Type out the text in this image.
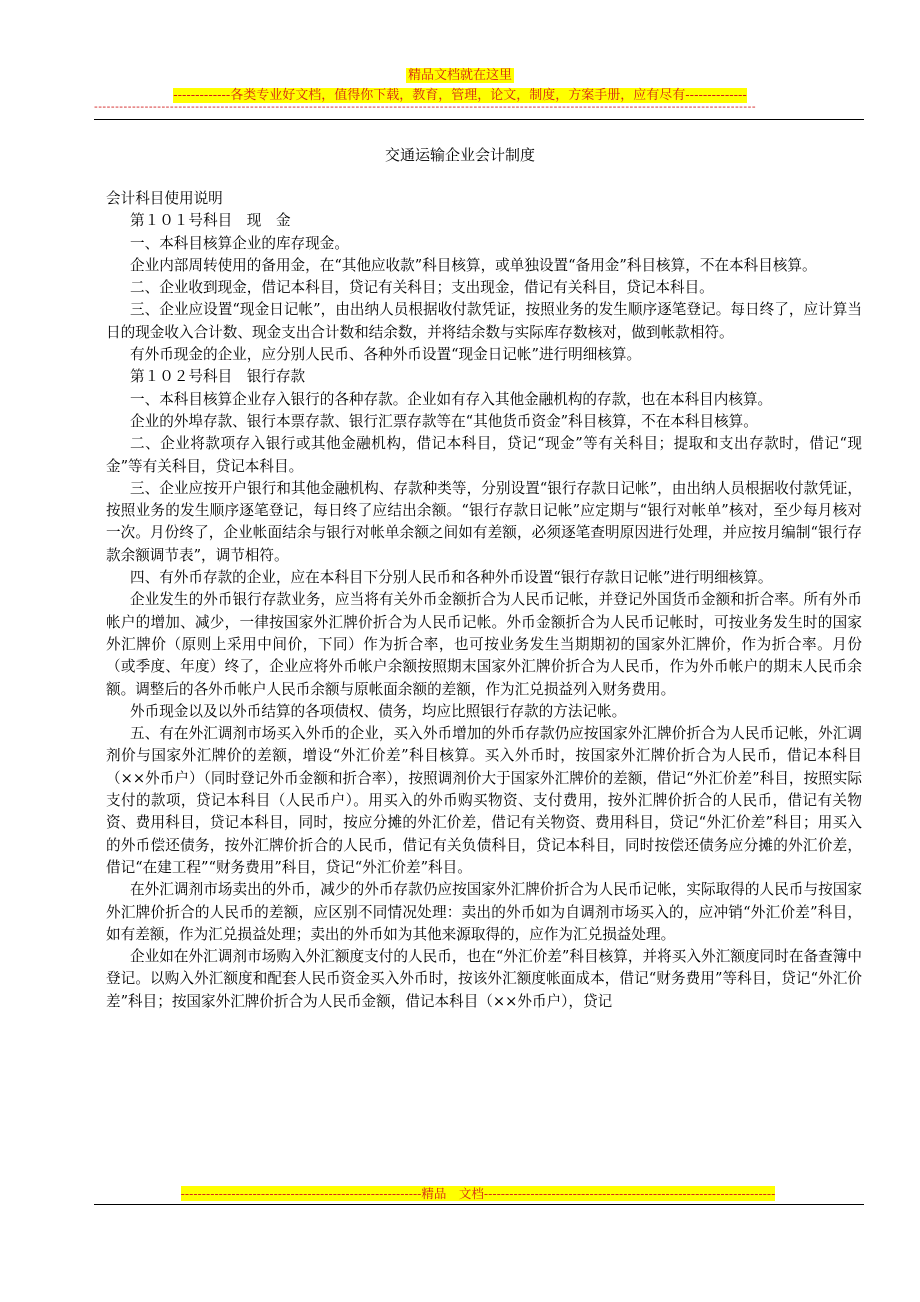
精品文档就在这里
-------------各类专业好文档，值得你下载，教育，管理，论文，制度，方案手册，应有尽有--------------
-------------------------------------------------------------------------------------------------------------------------------------------------------------
交通运输企业会计制度

会计科目使用说明

第１０１号科目　现　金

一、本科目核算企业的库存现金。

企业内部周转使用的备用金，在“其他应收款”科目核算，或单独设置“备用金”科目核算，不在本科目核算。

二、企业收到现金，借记本科目，贷记有关科目；支出现金，借记有关科目，贷记本科目。

三、企业应设置“现金日记帐”，由出纳人员根据收付款凭证，按照业务的发生顺序逐笔登记。每日终了，应计算当日的现金收入合计数、现金支出合计数和结余数，并将结余数与实际库存数核对，做到帐款相符。

有外币现金的企业，应分别人民币、各种外币设置“现金日记帐”进行明细核算。

第１０２号科目　银行存款

一、本科目核算企业存入银行的各种存款。企业如有存入其他金融机构的存款，也在本科目内核算。

企业的外埠存款、银行本票存款、银行汇票存款等在“其他货币资金”科目核算，不在本科目核算。

二、企业将款项存入银行或其他金融机构，借记本科目，贷记“现金”等有关科目；提取和支出存款时，借记“现金”等有关科目，贷记本科目。

三、企业应按开户银行和其他金融机构、存款种类等，分别设置“银行存款日记帐”，由出纳人员根据收付款凭证，按照业务的发生顺序逐笔登记，每日终了应结出余额。“银行存款日记帐”应定期与“银行对帐单”核对，至少每月核对一次。月份终了，企业帐面结余与银行对帐单余额之间如有差额，必须逐笔查明原因进行处理，并应按月编制“银行存款余额调节表”，调节相符。

四、有外币存款的企业，应在本科目下分别人民币和各种外币设置“银行存款日记帐”进行明细核算。

企业发生的外币银行存款业务，应当将有关外币金额折合为人民币记帐，并登记外国货币金额和折合率。所有外币帐户的增加、减少，一律按国家外汇牌价折合为人民币记帐。外币金额折合为人民币记帐时，可按业务发生时的国家外汇牌价（原则上采用中间价，下同）作为折合率，也可按业务发生当期期初的国家外汇牌价，作为折合率。月份（或季度、年度）终了，企业应将外币帐户余额按照期末国家外汇牌价折合为人民币，作为外币帐户的期末人民币余额。调整后的各外币帐户人民币余额与原帐面余额的差额，作为汇兑损益列入财务费用。

外币现金以及以外币结算的各项债权、债务，均应比照银行存款的方法记帐。

五、有在外汇调剂市场买入外币的企业，买入外币增加的外币存款仍应按国家外汇牌价折合为人民币记帐，外汇调剂价与国家外汇牌价的差额，增设“外汇价差”科目核算。买入外币时，按国家外汇牌价折合为人民币，借记本科目（××外币户）（同时登记外币金额和折合率），按照调剂价大于国家外汇牌价的差额，借记“外汇价差”科目，按照实际支付的款项，贷记本科目（人民币户）。用买入的外币购买物资、支付费用，按外汇牌价折合的人民币，借记有关物资、费用科目，贷记本科目，同时，按应分摊的外汇价差，借记有关物资、费用科目，贷记“外汇价差”科目；用买入的外币偿还债务，按外汇牌价折合的人民币，借记有关负债科目，贷记本科目，同时按偿还债务应分摊的外汇价差，借记“在建工程”“财务费用”科目，贷记“外汇价差”科目。

在外汇调剂市场卖出的外币，减少的外币存款仍应按国家外汇牌价折合为人民币记帐，实际取得的人民币与按国家外汇牌价折合的人民币的差额，应区别不同情况处理：卖出的外币如为自调剂市场买入的，应冲销“外汇价差”科目，如有差额，作为汇兑损益处理；卖出的外币如为其他来源取得的，应作为汇兑损益处理。

企业如在外汇调剂市场购入外汇额度支付的人民币，也在“外汇价差”科目核算，并将买入外汇额度同时在备查簿中登记。以购入外汇额度和配套人民币资金买入外币时，按该外汇额度帐面成本，借记“财务费用”等科目，贷记“外汇价差”科目；按国家外汇牌价折合为人民币金额，借记本科目（××外币户），贷记

---------------------------------------------------------精品　文档---------------------------------------------------------------------
